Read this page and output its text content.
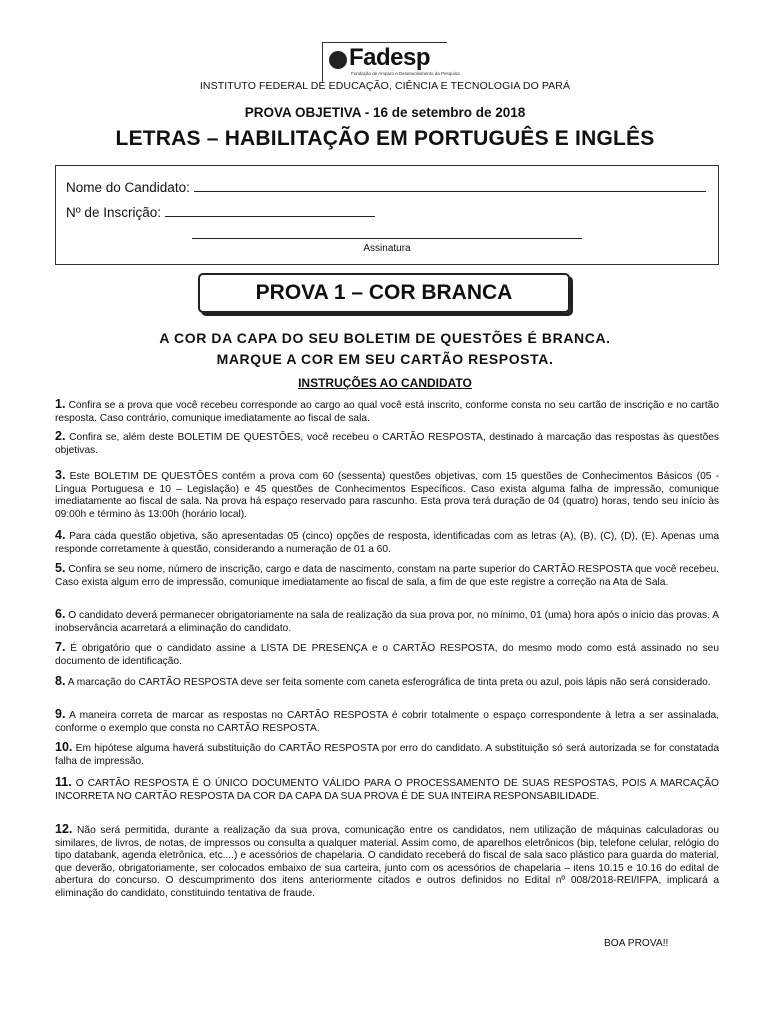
Fadesp
Fundação de Amparo e Desenvolvimento da Pesquisa
INSTITUTO FEDERAL DE EDUCAÇÃO, CIÊNCIA E TECNOLOGIA DO PARÁ
PROVA OBJETIVA - 16 de setembro de 2018
LETRAS – HABILITAÇÃO EM PORTUGUÊS E INGLÊS
Nome do Candidato:
Nº de Inscrição:
Assinatura
PROVA 1 – COR BRANCA
A COR DA CAPA DO SEU BOLETIM DE QUESTÕES É BRANCA.
MARQUE A COR EM SEU CARTÃO RESPOSTA.
INSTRUÇÕES AO CANDIDATO
1. Confira se a prova que você recebeu corresponde ao cargo ao qual você está inscrito, conforme consta no seu cartão de inscrição e no cartão resposta. Caso contrário, comunique imediatamente ao fiscal de sala.
2. Confira se, além deste BOLETIM DE QUESTÕES, você recebeu o CARTÃO RESPOSTA, destinado à marcação das respostas às questões objetivas.
3. Este BOLETIM DE QUESTÕES contém a prova com 60 (sessenta) questões objetivas, com 15 questões de Conhecimentos Básicos (05 - Língua Portuguesa e 10 – Legislação) e 45 questões de Conhecimentos Específicos. Caso exista alguma falha de impressão, comunique imediatamente ao fiscal de sala. Na prova há espaço reservado para rascunho. Esta prova terá duração de 04 (quatro) horas, tendo seu início às 09:00h e término às 13:00h (horário local).
4. Para cada questão objetiva, são apresentadas 05 (cinco) opções de resposta, identificadas com as letras (A), (B), (C), (D), (E). Apenas uma responde corretamente à questão, considerando a numeração de 01 a 60.
5. Confira se seu nome, número de inscrição, cargo e data de nascimento, constam na parte superior do CARTÃO RESPOSTA que você recebeu. Caso exista algum erro de impressão, comunique imediatamente ao fiscal de sala, a fim de que este registre a correção na Ata de Sala.
6. O candidato deverá permanecer obrigatoriamente na sala de realização da sua prova por, no mínimo, 01 (uma) hora após o início das provas. A inobservância acarretará a eliminação do candidato.
7. É obrigatório que o candidato assine a LISTA DE PRESENÇA e o CARTÃO RESPOSTA, do mesmo modo como está assinado no seu documento de identificação.
8. A marcação do CARTÃO RESPOSTA deve ser feita somente com caneta esferográfica de tinta preta ou azul, pois lápis não será considerado.
9. A maneira correta de marcar as respostas no CARTÃO RESPOSTA é cobrir totalmente o espaço correspondente à letra a ser assinalada, conforme o exemplo que consta no CARTÃO RESPOSTA.
10. Em hipótese alguma haverá substituição do CARTÃO RESPOSTA por erro do candidato. A substituição só será autorizada se for constatada falha de impressão.
11. O CARTÃO RESPOSTA É O ÚNICO DOCUMENTO VÁLIDO PARA O PROCESSAMENTO DE SUAS RESPOSTAS, POIS A MARCAÇÃO INCORRETA NO CARTÃO RESPOSTA DA COR DA CAPA DA SUA PROVA É DE SUA INTEIRA RESPONSABILIDADE.
12. Não será permitida, durante a realização da sua prova, comunicação entre os candidatos, nem utilização de máquinas calculadoras ou similares, de livros, de notas, de impressos ou consulta a qualquer material. Assim como, de aparelhos eletrônicos (bip, telefone celular, relógio do tipo databank, agenda eletrônica, etc....) e acessórios de chapelaria. O candidato receberá do fiscal de sala saco plástico para guarda do material, que deverão, obrigatoriamente, ser colocados embaixo de sua carteira, junto com os acessórios de chapelaria – itens 10.15 e 10.16 do edital de abertura do concurso. O descumprimento dos itens anteriormente citados e outros definidos no Edital nº 008/2018-REI/IFPA, implicará a eliminação do candidato, constituindo tentativa de fraude.
BOA PROVA!!
